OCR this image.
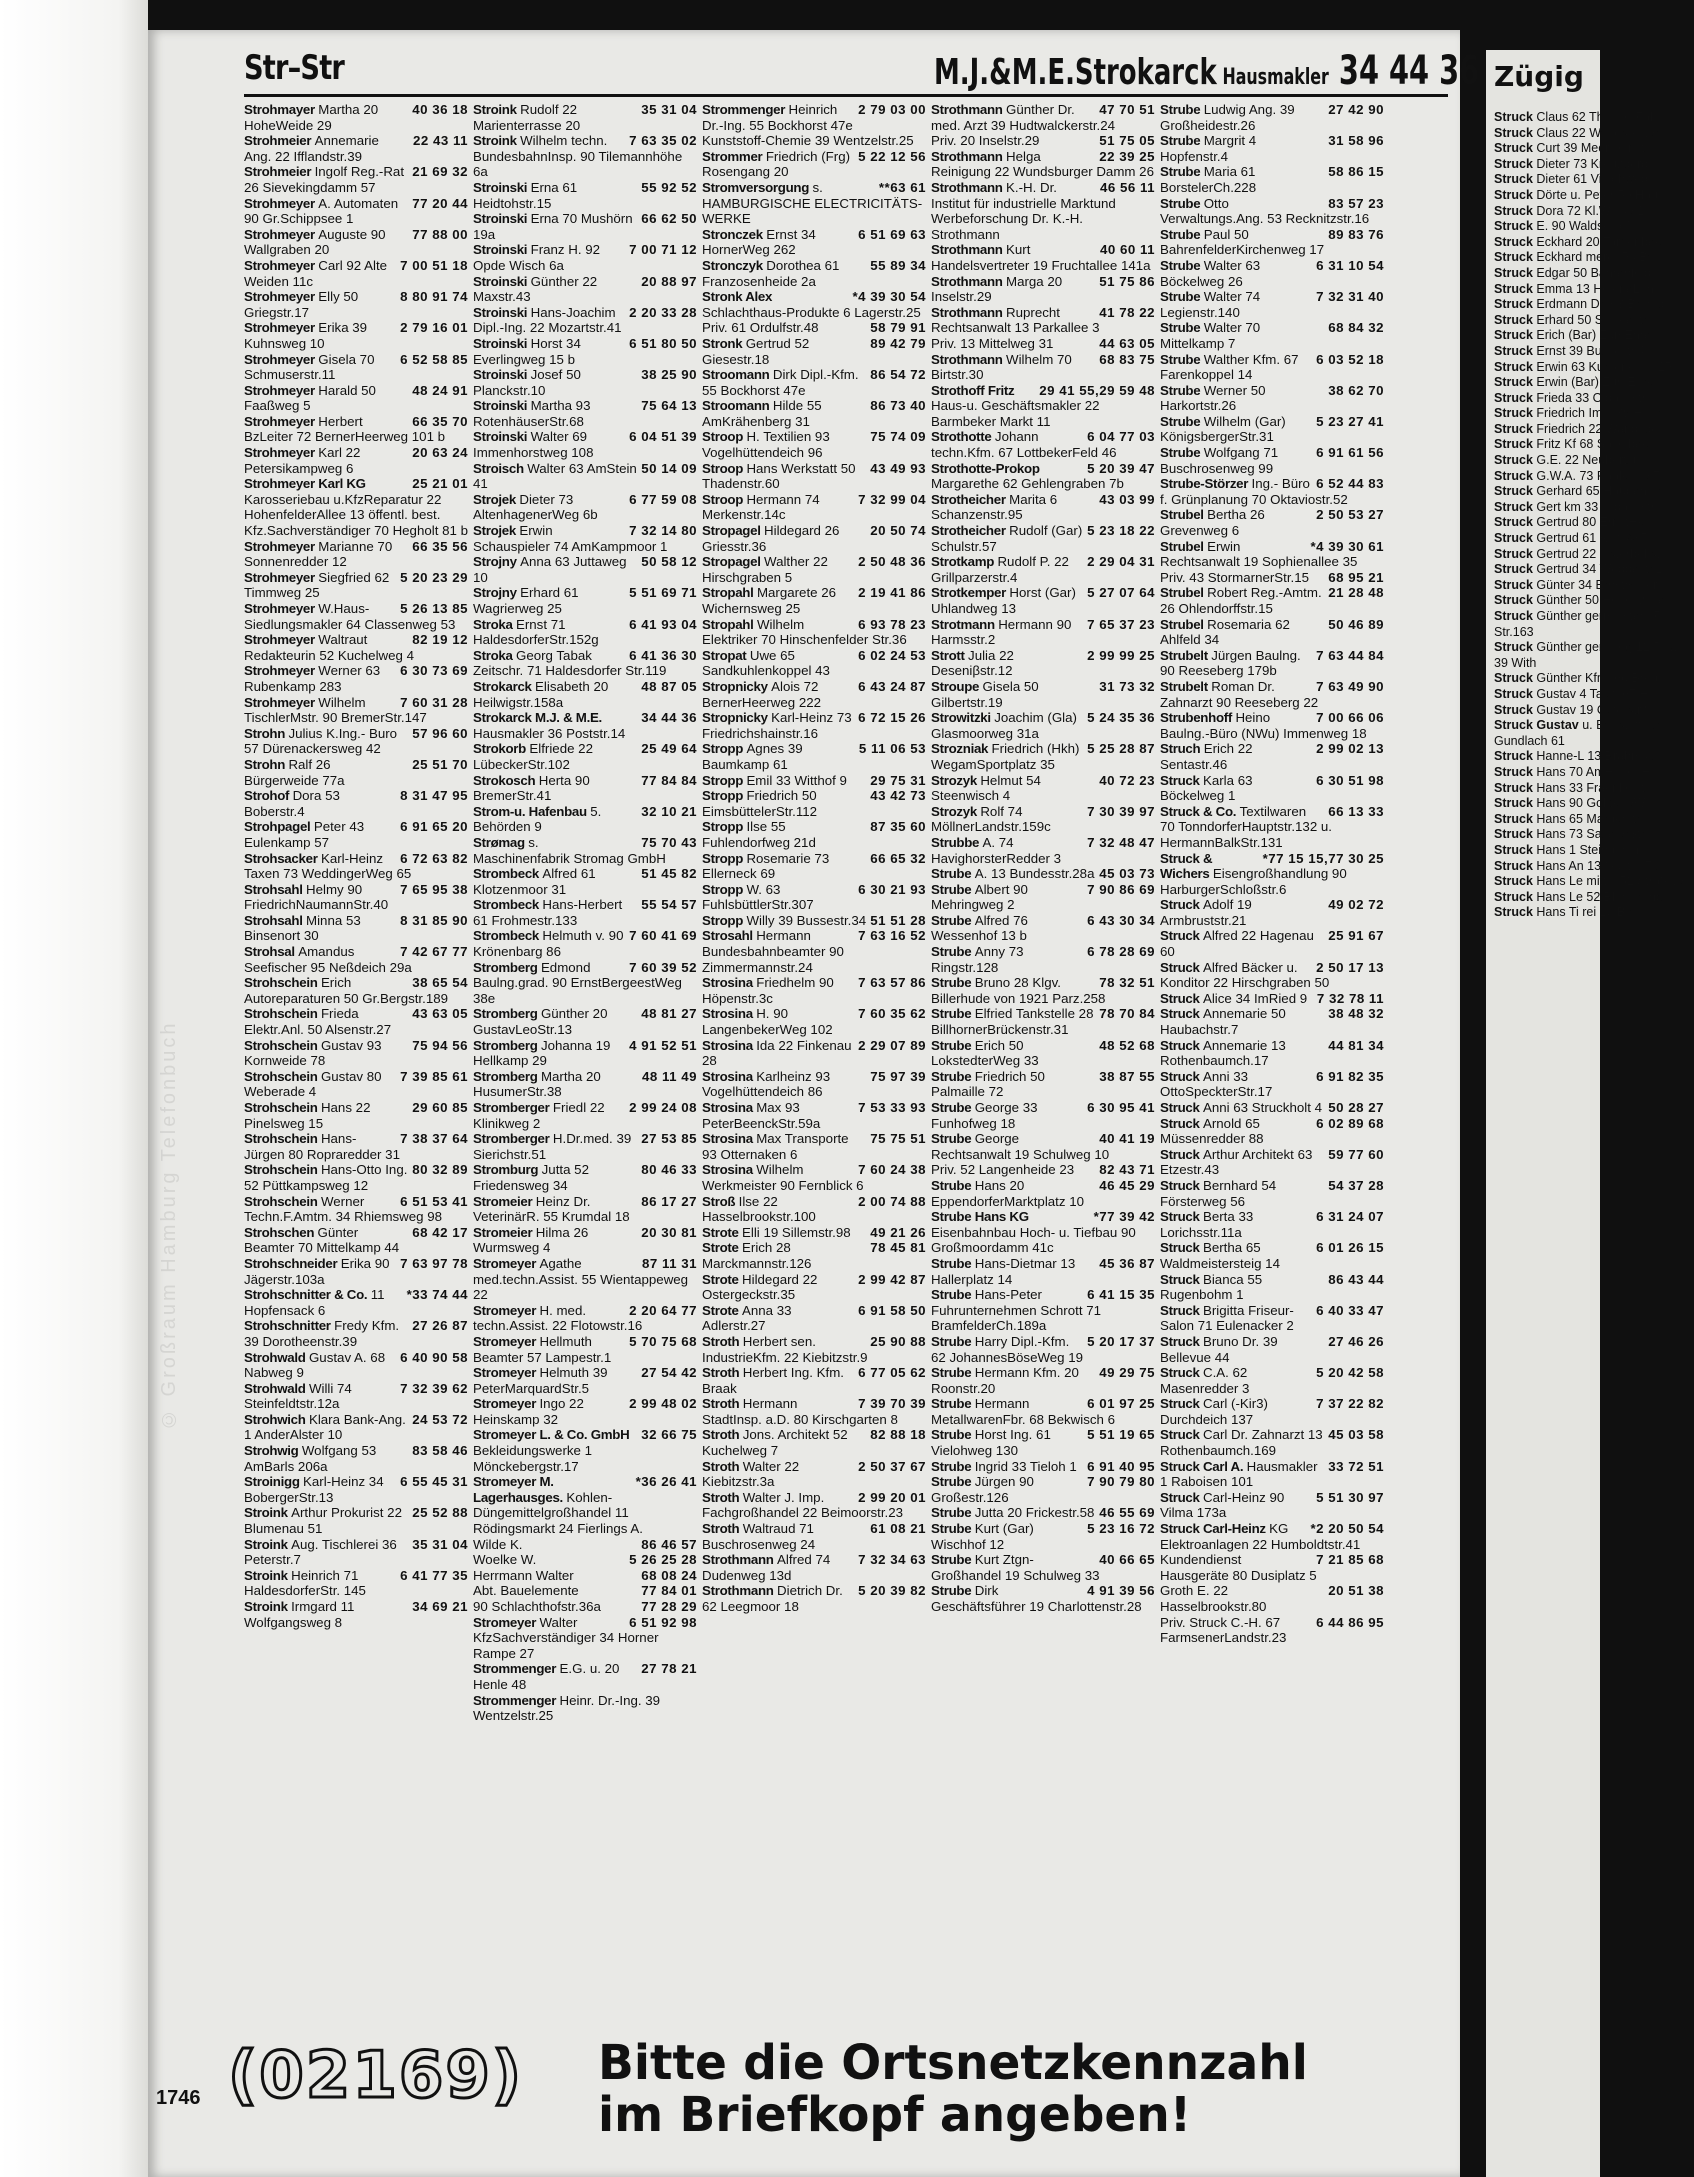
© Großraum Hamburg Telefonbuch
Str–Str	M.J.&M.E.Strokarck Hausmakler 34 44 36
40 36 18
Strohmayer Martha 20 HoheWeide 29
22 43 11
Strohmeier Annemarie Ang. 22 Ifflandstr.39
21 69 32
Strohmeier Ingolf Reg.-Rat 26 Sievekingdamm 57
77 20 44
Strohmeyer A. Automaten 90 Gr.Schippsee 1
77 88 00
Strohmeyer Auguste 90 Wallgraben 20
7 00 51 18
Strohmeyer Carl 92 Alte Weiden 11c
8 80 91 74
Strohmeyer Elly 50 Griegstr.17
2 79 16 01
Strohmeyer Erika 39 Kuhnsweg 10
6 52 58 85
Strohmeyer Gisela 70 Schmuserstr.11
48 24 91
Strohmeyer Harald 50 Faaßweg 5
66 35 70
Strohmeyer Herbert BzLeiter 72 BernerHeerweg 101 b
20 63 24
Strohmeyer Karl 22 Petersikampweg 6
25 21 01
Strohmeyer Karl KG Karosseriebau u.KfzReparatur 22 HohenfelderAllee 13 öffentl. best. Kfz.Sachverständiger 70 Hegholt 81 b
66 35 56
Strohmeyer Marianne 70 Sonnenredder 12
5 20 23 29
Strohmeyer Siegfried 62 Timmweg 25
5 26 13 85
Strohmeyer W.Haus- Siedlungsmakler 64 Classenweg 53
82 19 12
Strohmeyer Waltraut Redakteurin 52 Kuchelweg 4
6 30 73 69
Strohmeyer Werner 63 Rubenkamp 283
7 60 31 28
Strohmeyer Wilhelm TischlerMstr. 90 BremerStr.147
57 96 60
Strohn Julius K.Ing.- Buro 57 Dürenackersweg 42
25 51 70
Strohn Ralf 26 Bürgerweide 77a
8 31 47 95
Strohof Dora 53 Boberstr.4
6 91 65 20
Strohpagel Peter 43 Eulenkamp 57
6 72 63 82
Strohsacker Karl-Heinz Taxen 73 WeddingerWeg 65
7 65 95 38
Strohsahl Helmy 90 FriedrichNaumannStr.40
8 31 85 90
Strohsahl Minna 53 Binsenort 30
7 42 67 77
Strohsal Amandus Seefischer 95 Neßdeich 29a
38 65 54
Strohschein Erich Autoreparaturen 50 Gr.Bergstr.189
43 63 05
Strohschein Frieda Elektr.Anl. 50 Alsenstr.27
75 94 56
Strohschein Gustav 93 Kornweide 78
7 39 85 61
Strohschein Gustav 80 Weberade 4
29 60 85
Strohschein Hans 22 Pinelsweg 15
7 38 37 64
Strohschein Hans-Jürgen 80 Ropraredder 31
80 32 89
Strohschein Hans-Otto Ing. 52 Püttkampsweg 12
6 51 53 41
Strohschein Werner Techn.F.Amtm. 34 Rhiemsweg 98
68 42 17
Strohschen Günter Beamter 70 Mittelkamp 44
7 63 97 78
Strohschneider Erika 90 Jägerstr.103a
*33 74 44
Strohschnitter & Co. 11 Hopfensack 6
27 26 87
Strohschnitter Fredy Kfm. 39 Dorotheenstr.39
6 40 90 58
Strohwald Gustav A. 68 Nabweg 9
7 32 39 62
Strohwald Willi 74 Steinfeldtstr.12a
24 53 72
Strohwich Klara Bank-Ang. 1 AnderAlster 10
83 58 46
Strohwig Wolfgang 53 AmBarls 206a
6 55 45 31
Stroinigg Karl-Heinz 34 BobergerStr.13
25 52 88
Stroink Arthur Prokurist 22 Blumenau 51
35 31 04
Stroink Aug. Tischlerei 36 Peterstr.7
6 41 77 35
Stroink Heinrich 71 HaldesdorferStr. 145
34 69 21
Stroink Irmgard 11 Wolfgangsweg 8
35 31 04
Stroink Rudolf 22 Marienterrasse 20
7 63 35 02
Stroink Wilhelm techn. BundesbahnInsp. 90 Tilemannhöhe 6a
55 92 52
Stroinski Erna 61 Heidtohstr.15
66 62 50
Stroinski Erna 70 Mushörn 19a
7 00 71 12
Stroinski Franz H. 92 Opde Wisch 6a
20 88 97
Stroinski Günther 22 Maxstr.43
2 20 33 28
Stroinski Hans-Joachim Dipl.-Ing. 22 Mozartstr.41
6 51 80 50
Stroinski Horst 34 Everlingweg 15 b
38 25 90
Stroinski Josef 50 Planckstr.10
75 64 13
Stroinski Martha 93 RotenhäuserStr.68
6 04 51 39
Stroinski Walter 69 Immenhorstweg 108
50 14 09
Stroisch Walter 63 AmStein 41
6 77 59 08
Strojek Dieter 73 AltenhagenerWeg 6b
7 32 14 80
Strojek Erwin Schauspieler 74 AmKampmoor 1
50 58 12
Strojny Anna 63 Juttaweg 10
5 51 69 71
Strojny Erhard 61 Wagrierweg 25
6 41 93 04
Stroka Ernst 71 HaldesdorferStr.152g
6 41 36 30
Stroka Georg Tabak Zeitschr. 71 Haldesdorfer Str.119
48 87 05
Strokarck Elisabeth 20 Heilwigstr.158a
34 44 36
Strokarck M.J. & M.E. Hausmakler 36 Poststr.14
25 49 64
Strokorb Elfriede 22 LübeckerStr.102
77 84 84
Strokosch Herta 90 BremerStr.41
32 10 21
Strom-u. Hafenbau 5. Behörden 9
75 70 43
Strømag s. Maschinenfabrik Stromag GmbH
51 45 82
Strombeck Alfred 61 Klotzenmoor 31
55 54 57
Strombeck Hans-Herbert 61 Frohmestr.133
7 60 41 69
Strombeck Helmuth v. 90 Krönenbarg 86
7 60 39 52
Stromberg Edmond Baulng.grad. 90 ErnstBergeestWeg 38e
48 81 27
Stromberg Günther 20 GustavLeoStr.13
4 91 52 51
Stromberg Johanna 19 Hellkamp 29
48 11 49
Stromberg Martha 20 HusumerStr.38
2 99 24 08
Stromberger Friedl 22 Klinikweg 2
27 53 85
Stromberger H.Dr.med. 39 Sierichstr.51
80 46 33
Stromburg Jutta 52 Friedensweg 34
86 17 27
Stromeier Heinz Dr. VeterinärR. 55 Krumdal 18
20 30 81
Stromeier Hilma 26 Wurmsweg 4
87 11 31
Stromeyer Agathe med.techn.Assist. 55 Wientappeweg 22
2 20 64 77
Stromeyer H. med. techn.Assist. 22 Flotowstr.16
5 70 75 68
Stromeyer Hellmuth Beamter 57 Lampestr.1
27 54 42
Stromeyer Helmuth 39 PeterMarquardStr.5
2 99 48 02
Stromeyer Ingo 22 Heinskamp 32
32 66 75
Stromeyer L. & Co. GmbH Bekleidungswerke 1 Mönckebergstr.17
*36 26 41
Stromeyer M. Lagerhausges. Kohlen-Düngemittelgroßhandel 11 Rödingsmarkt 24 Fierlings A.
86 46 57
Wilde K.
5 26 25 28
Woelke W.
68 08 24
Herrmann Walter
77 84 01
Abt. Bauelemente
77 28 29
90 Schlachthofstr.36a
6 51 92 98
Stromeyer Walter KfzSachverständiger 34 Horner Rampe 27
27 78 21
Strommenger E.G. u. 20 Henle 48
Strommenger Heinr. Dr.-Ing. 39 Wentzelstr.25
2 79 03 00
Strommenger Heinrich Dr.-Ing. 55 Bockhorst 47e
Kunststoff-Chemie 39 Wentzelstr.25
5 22 12 56
Strommer Friedrich (Frg) Rosengang 20
**63 61
Stromversorgung s. HAMBURGISCHE ELECTRICITÄTS-WERKE
6 51 69 63
Stronczek Ernst 34 HornerWeg 262
55 89 34
Stronczyk Dorothea 61 Franzosenheide 2a
*4 39 30 54
Stronk Alex Schlachthaus-Produkte 6 Lagerstr.25
58 79 91
Priv. 61 Ordulfstr.48
89 42 79
Stronk Gertrud 52 Giesestr.18
86 54 72
Stroomann Dirk Dipl.-Kfm. 55 Bockhorst 47e
86 73 40
Stroomann Hilde 55 AmKrähenberg 31
75 74 09
Stroop H. Textilien 93 Vogelhüttendeich 96
43 49 93
Stroop Hans Werkstatt 50 Thadenstr.60
7 32 99 04
Stroop Hermann 74 Merkenstr.14c
20 50 74
Stropagel Hildegard 26 Griesstr.36
2 50 48 36
Stropagel Walther 22 Hirschgraben 5
2 19 41 86
Stropahl Margarete 26 Wichernsweg 25
6 93 78 23
Stropahl Wilhelm Elektriker 70 Hinschenfelder Str.36
6 02 24 53
Stropat Uwe 65 Sandkuhlenkoppel 43
6 43 24 87
Stropnicky Alois 72 BernerHeerweg 222
6 72 15 26
Stropnicky Karl-Heinz 73 Friedrichshainstr.16
5 11 06 53
Stropp Agnes 39 Baumkamp 61
29 75 31
Stropp Emil 33 Witthof 9
43 42 73
Stropp Friedrich 50 EimsbüttelerStr.112
87 35 60
Stropp Ilse 55 Fuhlendorfweg 21d
66 65 32
Stropp Rosemarie 73 Ellerneck 69
6 30 21 93
Stropp W. 63 FuhlsbüttlerStr.307
51 51 28
Stropp Willy 39 Bussestr.34
7 63 16 52
Strosahl Hermann Bundesbahnbeamter 90 Zimmermannstr.24
7 63 57 86
Strosina Friedhelm 90 Höpenstr.3c
7 60 35 62
Strosina H. 90 LangenbekerWeg 102
2 29 07 89
Strosina Ida 22 Finkenau 28
75 97 39
Strosina Karlheinz 93 Vogelhüttendeich 86
7 53 33 93
Strosina Max 93 PeterBeenckStr.59a
75 75 51
Strosina Max Transporte 93 Otternaken 6
7 60 24 38
Strosina Wilhelm Werkmeister 90 Fernblick 6
2 00 74 88
Stroß Ilse 22 Hasselbrookstr.100
49 21 26
Strote Elli 19 Sillemstr.98
78 45 81
Strote Erich 28 Marckmannstr.126
2 99 42 87
Strote Hildegard 22 Ostergeckstr.35
6 91 58 50
Strote Anna 33 Adlerstr.27
25 90 88
Stroth Herbert sen. IndustrieKfm. 22 Kiebitzstr.9
6 77 05 62
Stroth Herbert Ing. Kfm. Braak
7 39 70 39
Stroth Hermann StadtInsp. a.D. 80 Kirschgarten 8
82 88 18
Stroth Jons. Architekt 52 Kuchelweg 7
2 50 37 67
Stroth Walter 22 Kiebitzstr.3a
2 99 20 01
Stroth Walter J. Imp. Fachgroßhandel 22 Beimoorstr.23
61 08 21
Stroth Waltraud 71 Buschrosenweg 24
7 32 34 63
Strothmann Alfred 74 Dudenweg 13d
5 20 39 82
Strothmann Dietrich Dr. 62 Leegmoor 18
47 70 51
Strothmann Günther Dr. med. Arzt 39 Hudtwalckerstr.24
51 75 05
Priv. 20 Inselstr.29
22 39 25
Strothmann Helga Reinigung 22 Wundsburger Damm 26
46 56 11
Strothmann K.-H. Dr. Institut für industrielle Marktund Werbeforschung Dr. K.-H. Strothmann
40 60 11
Strothmann Kurt Handelsvertreter 19 Fruchtallee 141a
51 75 86
Strothmann Marga 20 Inselstr.29
41 78 22
Strothmann Ruprecht Rechtsanwalt 13 Parkallee 3
44 63 05
Priv. 13 Mittelweg 31
68 83 75
Strothmann Wilhelm 70 Birtstr.30
29 41 55,29 59 48
Strothoff Fritz Haus-u. Geschäftsmakler 22 Barmbeker Markt 11
6 04 77 03
Strothotte Johann techn.Kfm. 67 LottbekerFeld 46
5 20 39 47
Strothotte-Prokop Margarethe 62 Gehlengraben 7b
43 03 99
Strotheicher Marita 6 Schanzenstr.95
5 23 18 22
Strotheicher Rudolf (Gar) Schulstr.57
2 29 04 31
Strotkamp Rudolf P. 22 Grillparzerstr.4
5 27 07 64
Strotkemper Horst (Gar) Uhlandweg 13
7 65 37 23
Strotmann Hermann 90 Harmsstr.2
2 99 99 25
Strott Julia 22 Deseniβstr.12
31 73 32
Stroupe Gisela 50 Gilbertstr.19
5 24 35 36
Strowitzki Joachim (Gla) Glasmoorweg 31a
5 25 28 87
Strozniak Friedrich (Hkh) WegamSportplatz 35
40 72 23
Strozyk Helmut 54 Steenwisch 4
7 30 39 97
Strozyk Rolf 74 MöllnerLandstr.159c
7 32 48 47
Strubbe A. 74 HavighorsterRedder 3
45 03 73
Strube A. 13 Bundesstr.28a
7 90 86 69
Strube Albert 90 Mehringweg 2
6 43 30 34
Strube Alfred 76 Wessenhof 13 b
6 78 28 69
Strube Anny 73 Ringstr.128
78 32 51
Strube Bruno 28 Klgv. Billerhude von 1921 Parz.258
78 70 84
Strube Elfried Tankstelle 28 BillhornerBrückenstr.31
48 52 68
Strube Erich 50 LokstedterWeg 33
38 87 55
Strube Friedrich 50 Palmaille 72
6 30 95 41
Strube George 33 Funhofweg 18
40 41 19
Strube George Rechtsanwalt 19 Schulweg 10
82 43 71
Priv. 52 Langenheide 23
46 45 29
Strube Hans 20 EppendorferMarktplatz 10
*77 39 42
Strube Hans KG Eisenbahnbau Hoch- u. Tiefbau 90 Großmoordamm 41c
45 36 87
Strube Hans-Dietmar 13 Hallerplatz 14
6 41 15 35
Strube Hans-Peter Fuhrunternehmen Schrott 71 BramfelderCh.189a
5 20 17 37
Strube Harry Dipl.-Kfm. 62 JohannesBöseWeg 19
49 29 75
Strube Hermann Kfm. 20 Roonstr.20
6 01 97 25
Strube Hermann MetallwarenFbr. 68 Bekwisch 6
5 51 19 65
Strube Horst Ing. 61 Vielohweg 130
6 91 40 95
Strube Ingrid 33 Tieloh 1
7 90 79 80
Strube Jürgen 90 Großestr.126
46 55 69
Strube Jutta 20 Frickestr.58
5 23 16 72
Strube Kurt (Gar) Wischhof 12
40 66 65
Strube Kurt Ztgn-Großhandel 19 Schulweg 33
4 91 39 56
Strube Dirk Geschäftsführer 19 Charlottenstr.28
27 42 90
Strube Ludwig Ang. 39 Großheidestr.26
31 58 96
Strube Margrit 4 Hopfenstr.4
58 86 15
Strube Maria 61 BorstelerCh.228
83 57 23
Strube Otto Verwaltungs.Ang. 53 Recknitzstr.16
89 83 76
Strube Paul 50 BahrenfelderKirchenweg 17
6 31 10 54
Strube Walter 63 Böckelweg 26
7 32 31 40
Strube Walter 74 Legienstr.140
68 84 32
Strube Walter 70 Mittelkamp 7
6 03 52 18
Strube Walther Kfm. 67 Farenkoppel 14
38 62 70
Strube Werner 50 Harkortstr.26
5 23 27 41
Strube Wilhelm (Gar) KönigsbergerStr.31
6 91 61 56
Strube Wolfgang 71 Buschrosenweg 99
6 52 44 83
Strube-Störzer Ing.- Büro f. Grünplanung 70 Oktaviostr.52
2 50 53 27
Strubel Bertha 26 Grevenweg 6
*4 39 30 61
Strubel Erwin Rechtsanwalt 19 Sophienallee 35
68 95 21
Priv. 43 StormarnerStr.15
21 28 48
Strubel Robert Reg.-Amtm. 26 Ohlendorffstr.15
50 46 89
Strubel Rosemaria 62 Ahlfeld 34
7 63 44 84
Strubelt Jürgen Baulng. 90 Reeseberg 179b
7 63 49 90
Strubelt Roman Dr. Zahnarzt 90 Reeseberg 22
7 00 66 06
Strubenhoff Heino Baulng.-Büro (NWu) Immenweg 18
2 99 02 13
Struch Erich 22 Sentastr.46
6 30 51 98
Struck Karla 63 Böckelweg 1
66 13 33
Struck & Co. Textilwaren 70 TonndorferHauptstr.132 u. HermannBalkStr.131
*77 15 15,77 30 25
Struck & Wichers Eisengroßhandlung 90 HarburgerSchloßstr.6
49 02 72
Struck Adolf 19 Armbruststr.21
25 91 67
Struck Alfred 22 Hagenau 60
2 50 17 13
Struck Alfred Bäcker u. Konditor 22 Hirschgraben 50
7 32 78 11
Struck Alice 34 ImRied 9
38 48 32
Struck Annemarie 50 Haubachstr.7
44 81 34
Struck Annemarie 13 Rothenbaumch.17
6 91 82 35
Struck Anni 33 OttoSpeckterStr.17
50 28 27
Struck Anni 63 Struckholt 4
6 02 89 68
Struck Arnold 65 Müssenredder 88
59 77 60
Struck Arthur Architekt 63 Etzestr.43
54 37 28
Struck Bernhard 54 Försterweg 56
6 31 24 07
Struck Berta 33 Lorichsstr.11a
6 01 26 15
Struck Bertha 65 Waldmeistersteig 14
86 43 44
Struck Bianca 55 Rugenbohm 1
6 40 33 47
Struck Brigitta Friseur-Salon 71 Eulenacker 2
27 46 26
Struck Bruno Dr. 39 Bellevue 44
5 20 42 58
Struck C.A. 62 Masenredder 3
7 37 22 82
Struck Carl (-Kir3) Durchdeich 137
45 03 58
Struck Carl Dr. Zahnarzt 13 Rothenbaumch.169
33 72 51
Struck Carl A. Hausmakler 1 Raboisen 101
5 51 30 97
Struck Carl-Heinz 90 Vilma 173a
*2 20 50 54
Struck Carl-Heinz KG Elektroanlagen 22 Humboldtstr.41
7 21 85 68
Kundendienst Hausgeräte 80 Dusiplatz 5
20 51 38
Groth E. 22 Hasselbrookstr.80
6 44 86 95
Priv. Struck C.-H. 67 FarmsenerLandstr.23
1746 (02169) Bitte die Ortsnetzkennzahl
im Briefkopf angeben!
Zügig
Struck Claus 62 TheodorFal
Struck Claus 22 Wandsbeker
Struck Curt 39 Meerweinst
Struck Dieter 73 Kreuzberg
Struck Dieter 61 Vielohweg
Struck Dörte u. Peter 50 Hau
Struck Dora 72 Kl.Wiese 1
Struck E. 90 Waldschlöß
Struck Eckhard 20 Tarpenbek
Struck Eckhard merer 50 Bah
Struck Edgar 50 Bahrenfeld
Struck Emma 13 HeleneLan
Struck Erdmann Dr. 63 Bromb
Struck Erhard 50 Schleestr.
Struck Erich (Bar) ZumEhre
Struck Ernst 39 Bussestr.4
Struck Erwin 63 Kurvenecke 15
Struck Erwin (Bar) ZumEhre
Struck Frieda 33 Oldachstr.
Struck Friedrich Imp. 39 Henr
Struck Friedrich 22 Wandsbeke
Struck Fritz Kf 68 Saselbek
Struck G.E. 22 Neubertstr.
Struck G.W.A. 73 Paalende 7
Struck Gerhard 65 Haubenler
Struck Gert km 33 Oldachstr.
Struck Gertrud 80 ErnstHenn
Struck Gertrud 61 Klgv.437
Struck Gertrud 22 Osterbekst
Struck Gertrud 34 Weddestr.1
Struck Günter 34 ErnstScher
Struck Günther 50 Hohenzolle
Struck Günther germeister i.R. Str.163
Struck Günther gersweg 12 Priv. 39 With
Struck Günther Kfm. 66 Bred
Struck Gustav 4 Talstr.67 H
Struck Gustav 19 Osterstr.8
Struck Gustav u. Baustoffhar Gundlach 61
Struck Hanne-L 13 Brahmsall
Struck Hans 70 AmHohenH
Struck Hans 33 Fraenkelst
Struck Hans 90 GoldeneWi
Struck Hans 65 Marderstra
Struck Hans 73 SaselerStr
Struck Hans 1 Steindamm
Struck Hans An 13 GustavFal
Struck Hans Le mittel 52 Straßweg
Struck Hans Le 52 Blomkamp
Struck Hans Ti rei 26 Brauß
